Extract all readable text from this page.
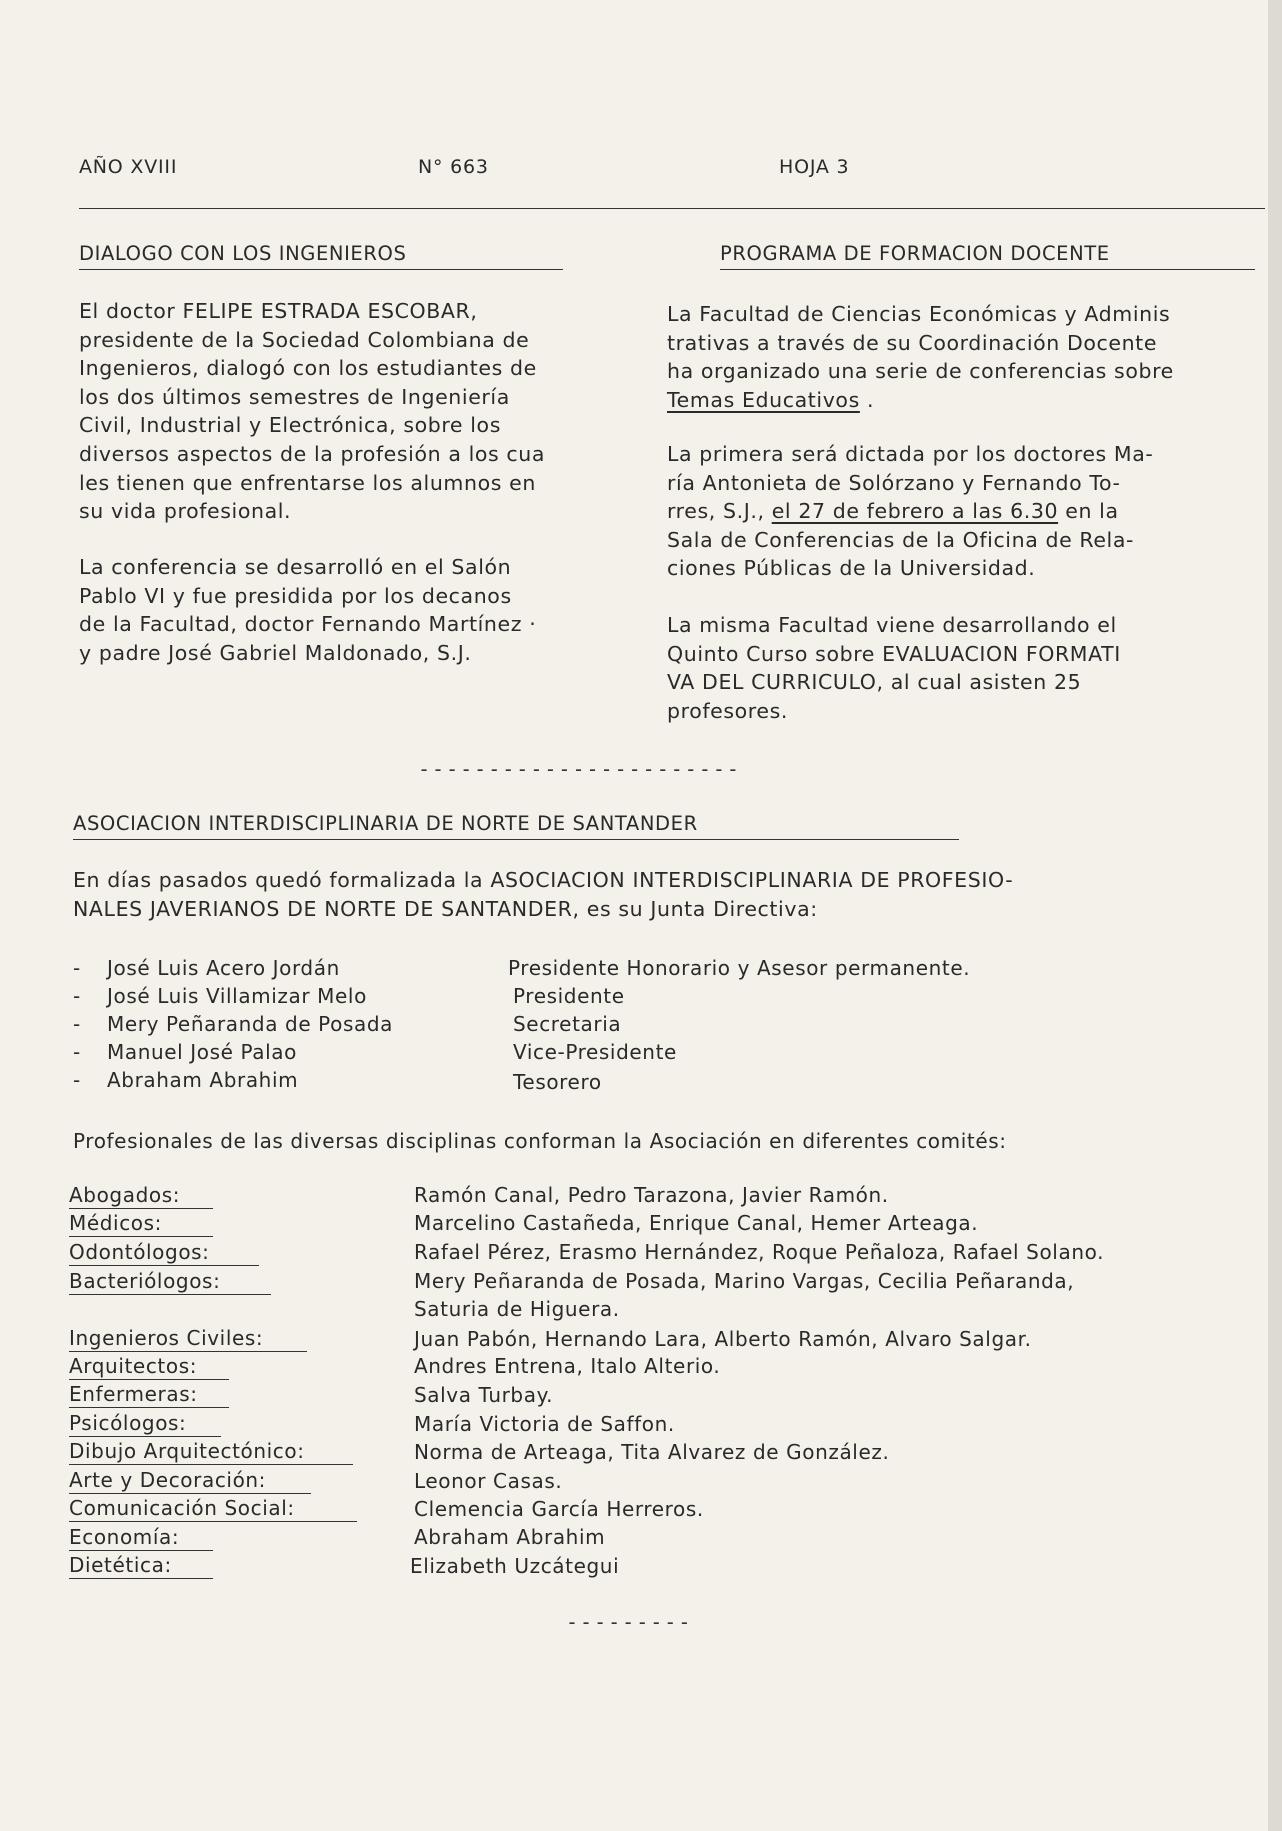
AÑO XVIII	N° 663	HOJA 3
DIALOGO CON LOS INGENIEROS

El doctor FELIPE ESTRADA ESCOBAR,

presidente de la Sociedad Colombiana de

Ingenieros, dialogó con los estudiantes de

los dos últimos semestres de Ingeniería

Civil, Industrial y Electrónica, sobre los

diversos aspectos de la profesión a los cua

les tienen que enfrentarse los alumnos en

su vida profesional.

La conferencia se desarrolló en el Salón

Pablo VI y fue presidida por los decanos

de la Facultad, doctor Fernando Martínez ·

y padre José Gabriel Maldonado, S.J.

PROGRAMA DE FORMACION DOCENTE

La Facultad de Ciencias Económicas y Adminis

trativas a través de su Coordinación Docente

ha organizado una serie de conferencias sobre

Temas Educativos .

La primera será dictada por los doctores Ma-

ría Antonieta de Solórzano y Fernando To-

rres, S.J., el 27 de febrero a las 6.30 en la

Sala de Conferencias de la Oficina de Rela-

ciones Públicas de la Universidad.

La misma Facultad viene desarrollando el

Quinto Curso sobre EVALUACION FORMATI

VA DEL CURRICULO, al cual asisten 25

profesores.

-----------------------
ASOCIACION INTERDISCIPLINARIA DE NORTE DE SANTANDER

En días pasados quedó formalizada la ASOCIACION INTERDISCIPLINARIA DE PROFESIO-

NALES JAVERIANOS DE NORTE DE SANTANDER, es su Junta Directiva:

- José Luis Acero Jordán	Presidente Honorario y Asesor permanente.
- José Luis Villamizar Melo	Presidente
- Mery Peñaranda de Posada	Secretaria
- Manuel José Palao	Vice-Presidente
- Abraham Abrahim	Tesorero
Profesionales de las diversas disciplinas conforman la Asociación en diferentes comités:
Abogados:	Ramón Canal, Pedro Tarazona, Javier Ramón.
Médicos:	Marcelino Castañeda, Enrique Canal, Hemer Arteaga.
Odontólogos:	Rafael Pérez, Erasmo Hernández, Roque Peñaloza, Rafael Solano.
Bacteriólogos:	Mery Peñaranda de Posada, Marino Vargas, Cecilia Peñaranda,
Saturia de Higuera.
Ingenieros Civiles:	Juan Pabón, Hernando Lara, Alberto Ramón, Alvaro Salgar.
Arquitectos:	Andres Entrena, Italo Alterio.
Enfermeras:	Salva Turbay.
Psicólogos:	María Victoria de Saffon.
Dibujo Arquitectónico:	Norma de Arteaga, Tita Alvarez de González.
Arte y Decoración:	Leonor Casas.
Comunicación Social:	Clemencia García Herreros.
Economía:	Abraham Abrahim
Dietética:	Elizabeth Uzcátegui
---------
